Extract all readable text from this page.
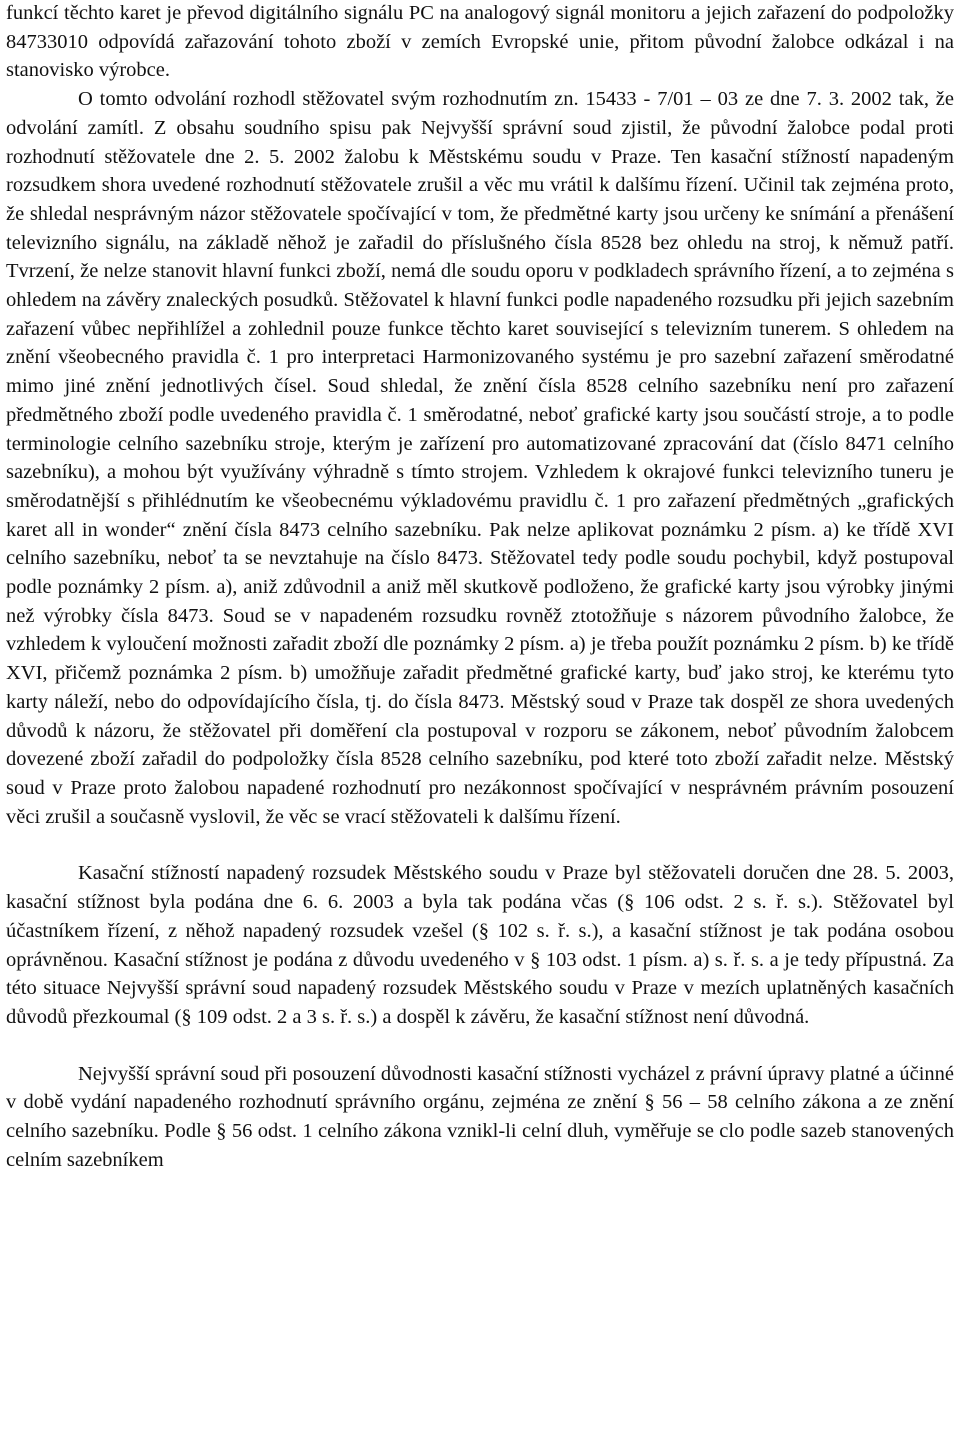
funkcí těchto karet je převod digitálního signálu PC na analogový signál monitoru a jejich zařazení do podpoložky 84733010 odpovídá zařazování tohoto zboží v zemích Evropské unie, přitom původní žalobce odkázal i na stanovisko výrobce.

O tomto odvolání rozhodl stěžovatel svým rozhodnutím zn. 15433 - 7/01 – 03 ze dne 7. 3. 2002 tak, že odvolání zamítl. Z obsahu soudního spisu pak Nejvyšší správní soud zjistil, že původní žalobce podal proti rozhodnutí stěžovatele dne 2. 5. 2002 žalobu k Městskému soudu v Praze. Ten kasační stížností napadeným rozsudkem shora uvedené rozhodnutí stěžovatele zrušil a věc mu vrátil k dalšímu řízení. Učinil tak zejména proto, že shledal nesprávným názor stěžovatele spočívající v tom, že předmětné karty jsou určeny ke snímání a přenášení televizního signálu, na základě něhož je zařadil do příslušného čísla 8528 bez ohledu na stroj, k němuž patří. Tvrzení, že nelze stanovit hlavní funkci zboží, nemá dle soudu oporu v podkladech správního řízení, a to zejména s ohledem na závěry znaleckých posudků. Stěžovatel k hlavní funkci podle napadeného rozsudku při jejich sazebním zařazení vůbec nepřihlížel a zohlednil pouze funkce těchto karet související s televizním tunerem. S ohledem na znění všeobecného pravidla č. 1 pro interpretaci Harmonizovaného systému je pro sazební zařazení směrodatné mimo jiné znění jednotlivých čísel. Soud shledal, že znění čísla 8528 celního sazebníku není pro zařazení předmětného zboží podle uvedeného pravidla č. 1 směrodatné, neboť grafické karty jsou součástí stroje, a to podle terminologie celního sazebníku stroje, kterým je zařízení pro automatizované zpracování dat (číslo 8471 celního sazebníku), a mohou být využívány výhradně s tímto strojem. Vzhledem k okrajové funkci televizního tuneru je směrodatnější s přihlédnutím ke všeobecnému výkladovému pravidlu č. 1 pro zařazení předmětných „grafických karet all in wonder“ znění čísla 8473 celního sazebníku. Pak nelze aplikovat poznámku 2 písm. a) ke třídě XVI celního sazebníku, neboť ta se nevztahuje na číslo 8473. Stěžovatel tedy podle soudu pochybil, když postupoval podle poznámky 2 písm. a), aniž zdůvodnil a aniž měl skutkově podloženo, že grafické karty jsou výrobky jinými než výrobky čísla 8473. Soud se v napadeném rozsudku rovněž ztotožňuje s názorem původního žalobce, že vzhledem k vyloučení možnosti zařadit zboží dle poznámky 2 písm. a) je třeba použít poznámku 2 písm. b) ke třídě XVI, přičemž poznámka 2 písm. b) umožňuje zařadit předmětné grafické karty, buď jako stroj, ke kterému tyto karty náleží, nebo do odpovídajícího čísla, tj. do čísla 8473. Městský soud v Praze tak dospěl ze shora uvedených důvodů k názoru, že stěžovatel při doměření cla postupoval v rozporu se zákonem, neboť původním žalobcem dovezené zboží zařadil do podpoložky čísla 8528 celního sazebníku, pod které toto zboží zařadit nelze. Městský soud v Praze proto žalobou napadené rozhodnutí pro nezákonnost spočívající v nesprávném právním posouzení věci zrušil a současně vyslovil, že věc se vrací stěžovateli k dalšímu řízení.

Kasační stížností napadený rozsudek Městského soudu v Praze byl stěžovateli doručen dne 28. 5. 2003, kasační stížnost byla podána dne 6. 6. 2003 a byla tak podána včas (§ 106 odst. 2 s. ř. s.). Stěžovatel byl účastníkem řízení, z něhož napadený rozsudek vzešel (§ 102 s. ř. s.), a kasační stížnost je tak podána osobou oprávněnou. Kasační stížnost je podána z důvodu uvedeného v § 103 odst. 1 písm. a) s. ř. s. a je tedy přípustná. Za této situace Nejvyšší správní soud napadený rozsudek Městského soudu v Praze v mezích uplatněných kasačních důvodů přezkoumal (§ 109 odst. 2 a 3 s. ř. s.) a dospěl k závěru, že kasační stížnost není důvodná.

Nejvyšší správní soud při posouzení důvodnosti kasační stížnosti vycházel z právní úpravy platné a účinné v době vydání napadeného rozhodnutí správního orgánu, zejména ze znění § 56 – 58 celního zákona a ze znění celního sazebníku. Podle § 56 odst. 1 celního zákona vznikl-li celní dluh, vyměřuje se clo podle sazeb stanovených celním sazebníkem
